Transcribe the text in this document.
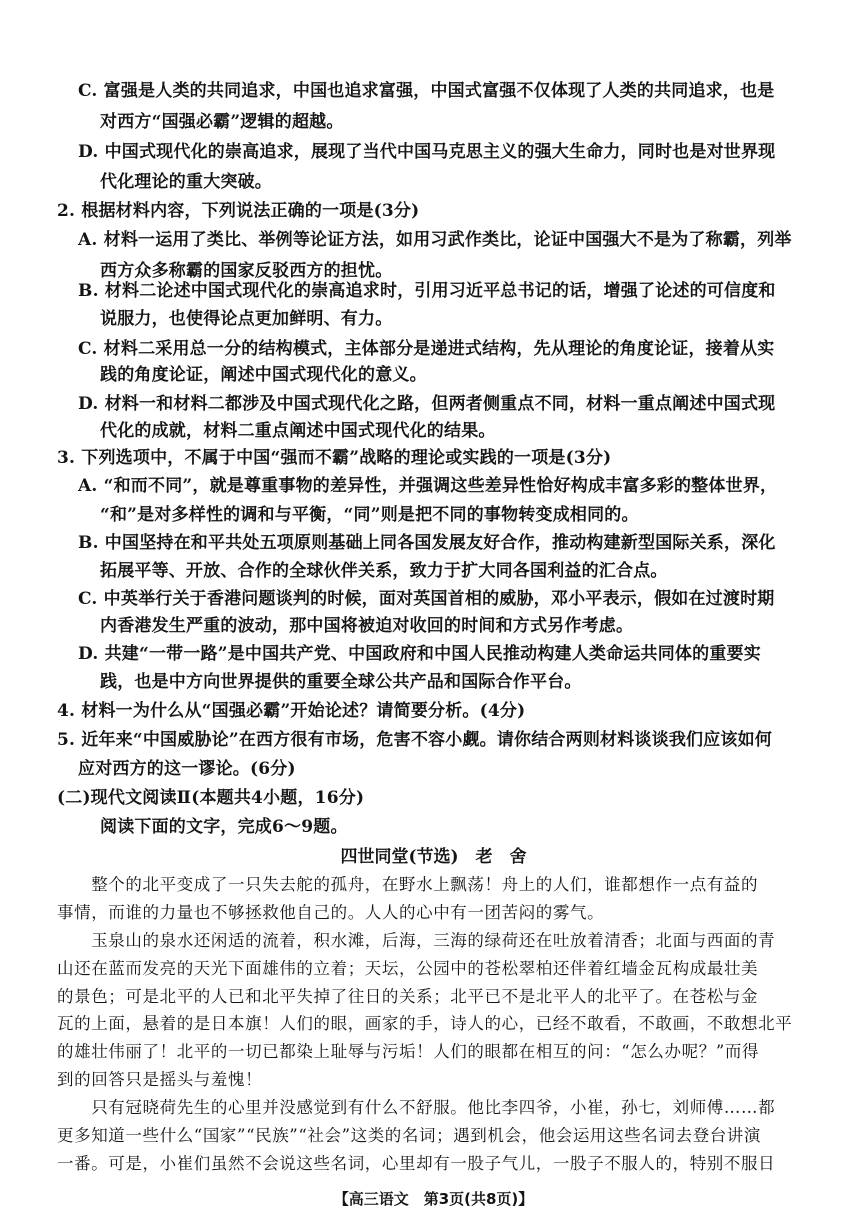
C. 富强是人类的共同追求，中国也追求富强，中国式富强不仅体现了人类的共同追求，也是
对西方“国强必霸”逻辑的超越。
D. 中国式现代化的崇高追求，展现了当代中国马克思主义的强大生命力，同时也是对世界现
代化理论的重大突破。
2. 根据材料内容，下列说法正确的一项是(3分)
A. 材料一运用了类比、举例等论证方法，如用习武作类比，论证中国强大不是为了称霸，列举
西方众多称霸的国家反驳西方的担忧。
B. 材料二论述中国式现代化的崇高追求时，引用习近平总书记的话，增强了论述的可信度和
说服力，也使得论点更加鲜明、有力。
C. 材料二采用总一分的结构模式，主体部分是递进式结构，先从理论的角度论证，接着从实
践的角度论证，阐述中国式现代化的意义。
D. 材料一和材料二都涉及中国式现代化之路，但两者侧重点不同，材料一重点阐述中国式现
代化的成就，材料二重点阐述中国式现代化的结果。
3. 下列选项中，不属于中国“强而不霸”战略的理论或实践的一项是(3分)
A. “和而不同”，就是尊重事物的差异性，并强调这些差异性恰好构成丰富多彩的整体世界，
“和”是对多样性的调和与平衡，“同”则是把不同的事物转变成相同的。
B. 中国坚持在和平共处五项原则基础上同各国发展友好合作，推动构建新型国际关系，深化
拓展平等、开放、合作的全球伙伴关系，致力于扩大同各国利益的汇合点。
C. 中英举行关于香港问题谈判的时候，面对英国首相的威胁，邓小平表示，假如在过渡时期
内香港发生严重的波动，那中国将被迫对收回的时间和方式另作考虑。
D. 共建“一带一路”是中国共产党、中国政府和中国人民推动构建人类命运共同体的重要实
践，也是中方向世界提供的重要全球公共产品和国际合作平台。
4. 材料一为什么从“国强必霸”开始论述？请简要分析。(4分)
5. 近年来“中国威胁论”在西方很有市场，危害不容小觑。请你结合两则材料谈谈我们应该如何
应对西方的这一谬论。(6分)
(二)现代文阅读Ⅱ(本题共4小题，16分)
阅读下面的文字，完成6～9题。
四世同堂(节选)　老　舍
　　整个的北平变成了一只失去舵的孤舟，在野水上飘荡！舟上的人们，谁都想作一点有益的
事情，而谁的力量也不够拯救他自己的。人人的心中有一团苦闷的雾气。
　　玉泉山的泉水还闲适的流着，积水滩，后海，三海的绿荷还在吐放着清香；北面与西面的青
山还在蓝而发亮的天光下面雄伟的立着；天坛，公园中的苍松翠柏还伴着红墙金瓦构成最壮美
的景色；可是北平的人已和北平失掉了往日的关系；北平已不是北平人的北平了。在苍松与金
瓦的上面，悬着的是日本旗！人们的眼，画家的手，诗人的心，已经不敢看，不敢画，不敢想北平
的雄壮伟丽了！北平的一切已都染上耻辱与污垢！人们的眼都在相互的问：“怎么办呢？”而得
到的回答只是摇头与羞愧！
　　只有冠晓荷先生的心里并没感觉到有什么不舒服。他比李四爷，小崔，孙七，刘师傅……都
更多知道一些什么“国家”“民族”“社会”这类的名词；遇到机会，他会运用这些名词去登台讲演
一番。可是，小崔们虽然不会说这些名词，心里却有一股子气儿，一股子不服人的，特别不服日
【高三语文　第3页(共8页)】
